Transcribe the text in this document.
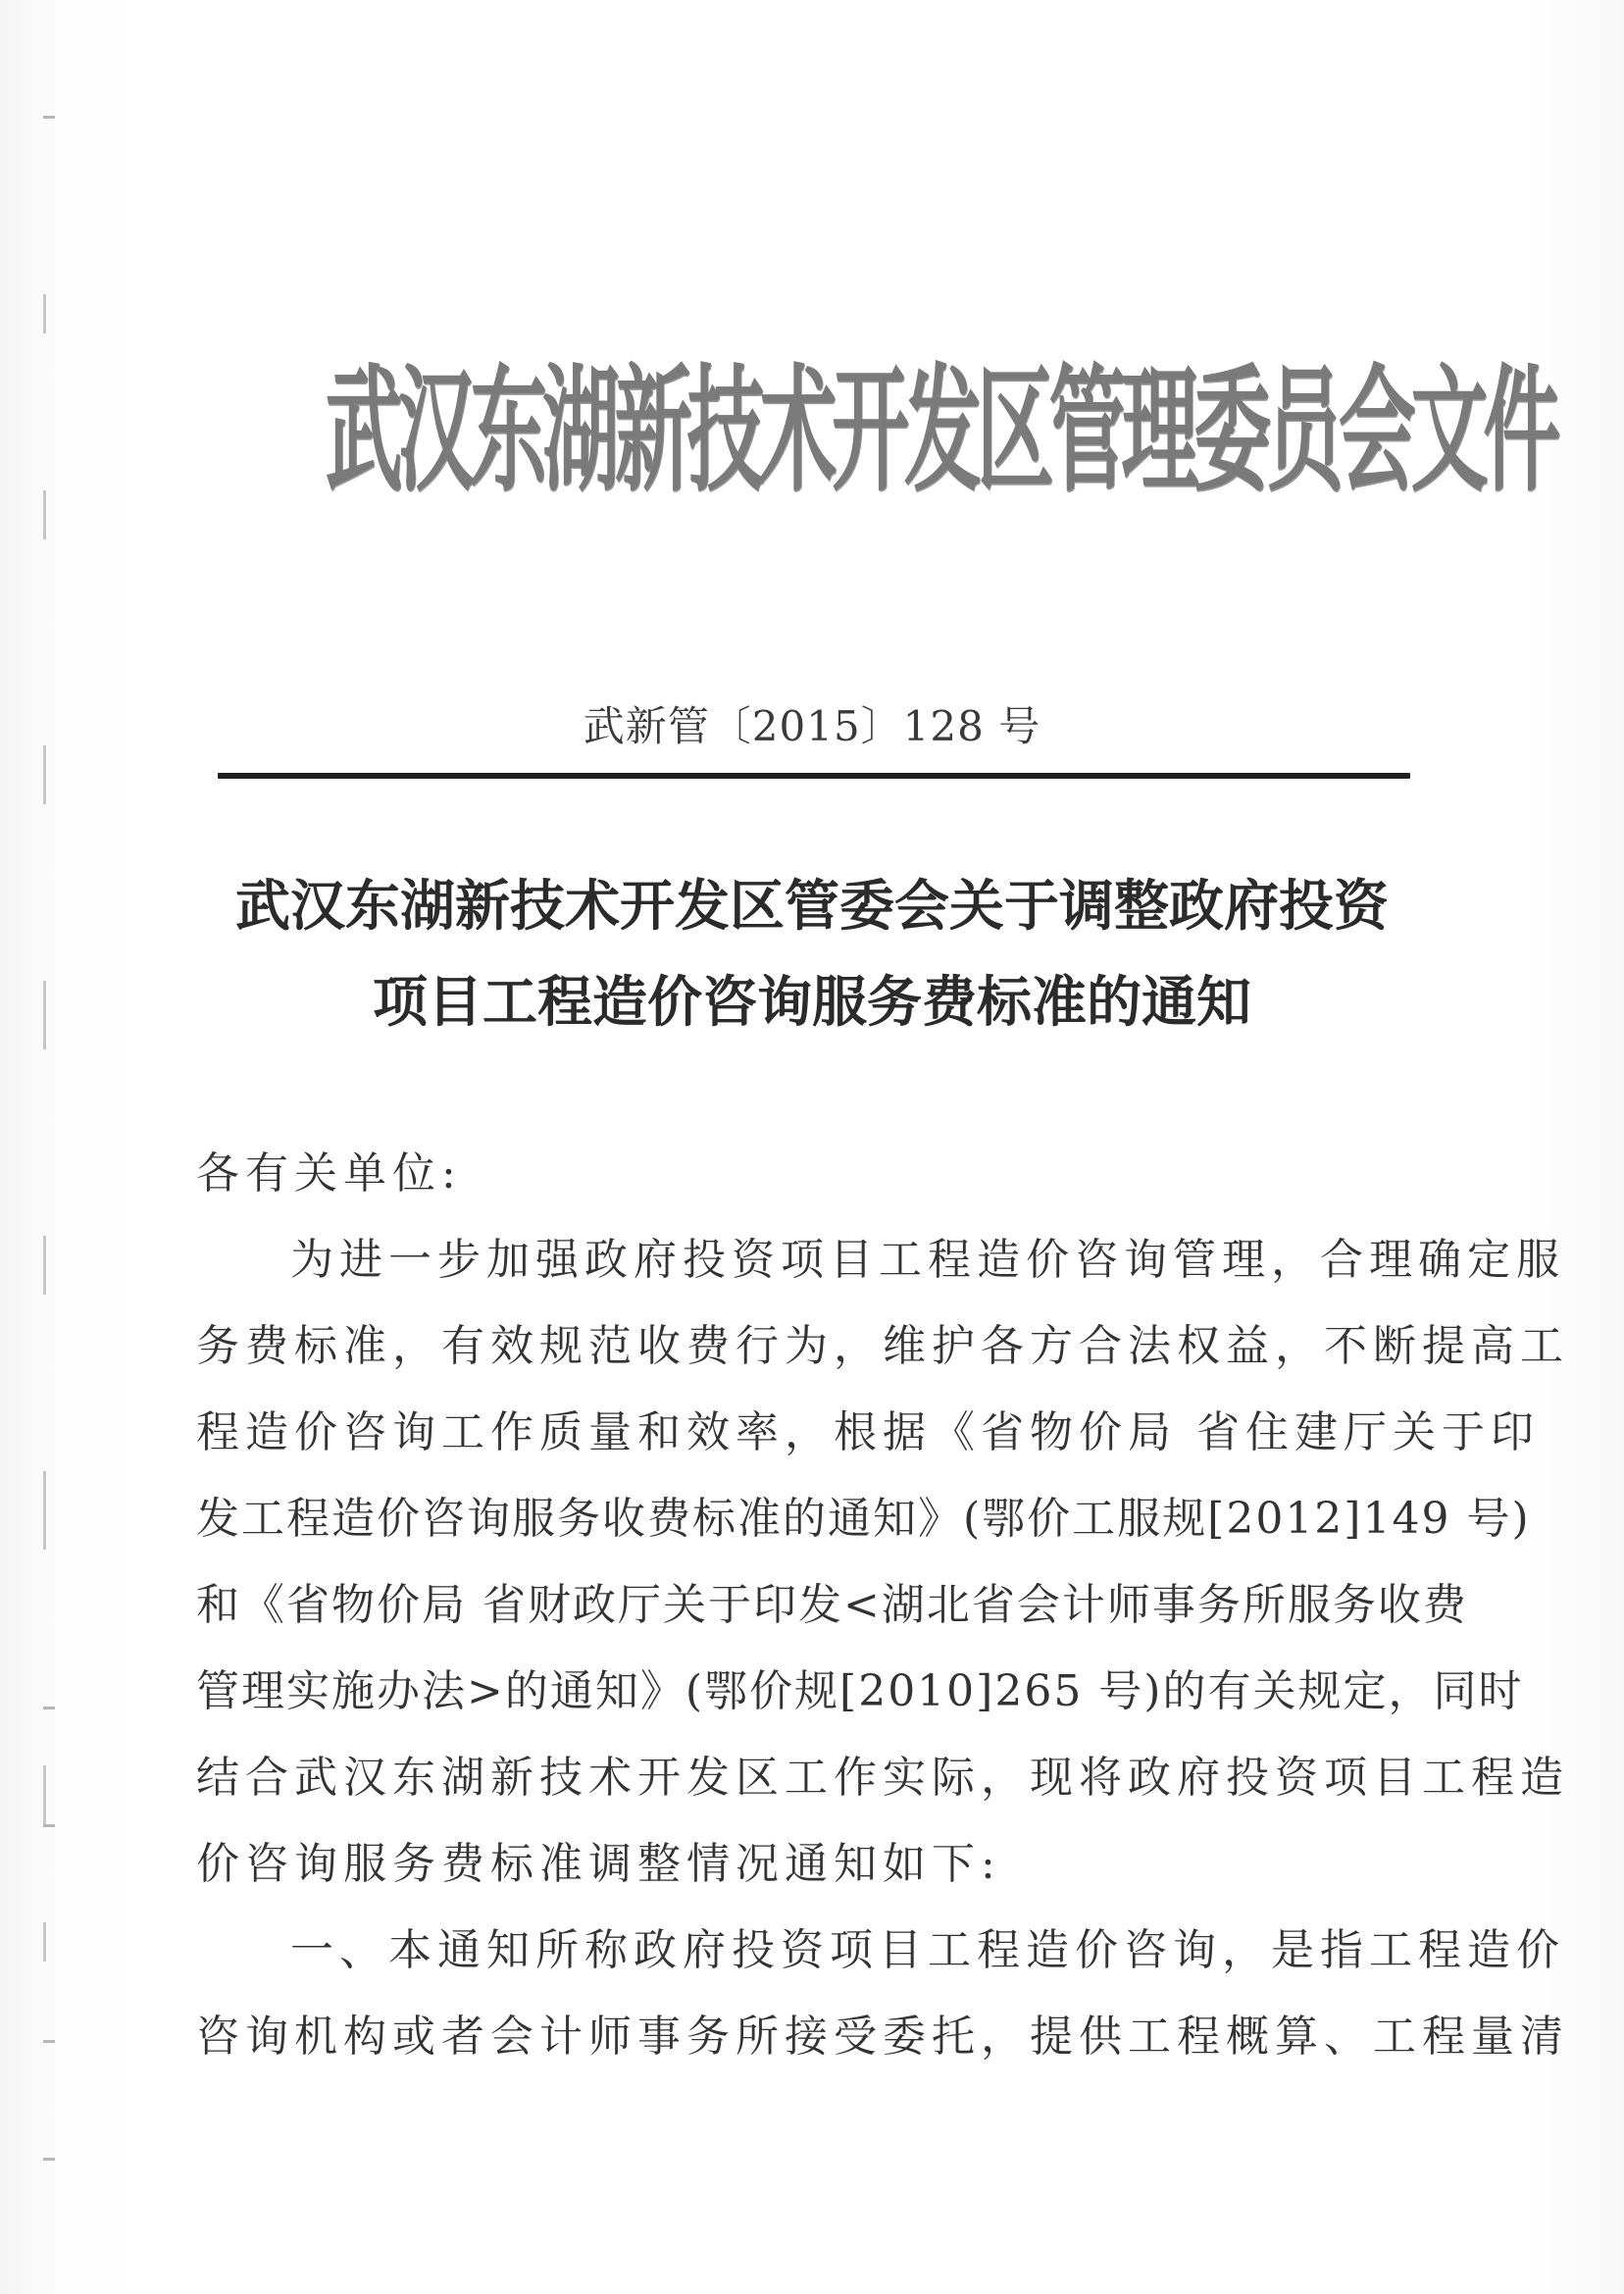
武汉东湖新技术开发区管理委员会文件
武新管〔2015〕128 号
武汉东湖新技术开发区管委会关于调整政府投资
项目工程造价咨询服务费标准的通知
各有关单位:
为进一步加强政府投资项目工程造价咨询管理，合理确定服
务费标准，有效规范收费行为，维护各方合法权益，不断提高工
程造价咨询工作质量和效率，根据《省物价局 省住建厅关于印
发工程造价咨询服务收费标准的通知》(鄂价工服规[2012]149 号)
和《省物价局 省财政厅关于印发<湖北省会计师事务所服务收费
管理实施办法>的通知》(鄂价规[2010]265 号)的有关规定，同时
结合武汉东湖新技术开发区工作实际，现将政府投资项目工程造
价咨询服务费标准调整情况通知如下:
一、本通知所称政府投资项目工程造价咨询，是指工程造价
咨询机构或者会计师事务所接受委托，提供工程概算、工程量清
